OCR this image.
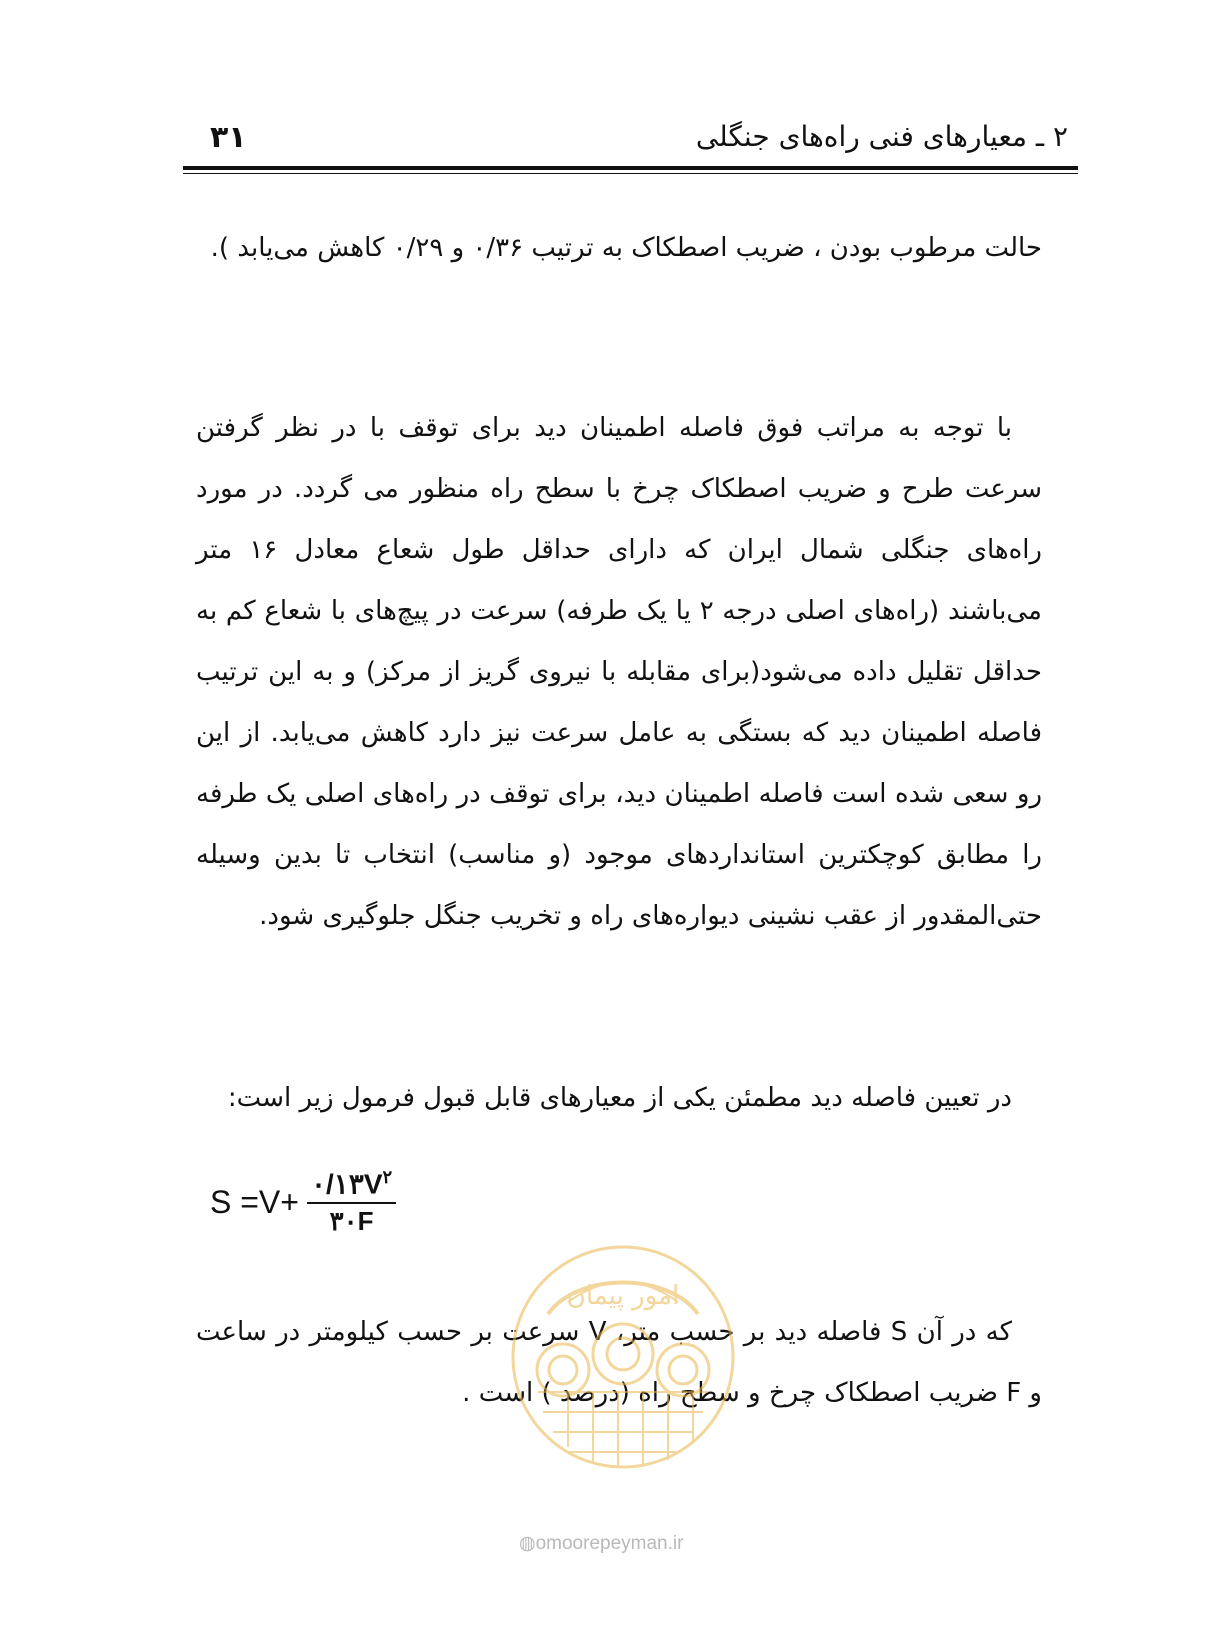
۳۱	۲ ـ معیارهای فنی راه‌های جنگلی

حالت مرطوب بودن ، ضریب اصطکاک به ترتیب ۰/۳۶ و ۰/۲۹ کاهش می‌یابد ).

با توجه به مراتب فوق فاصله اطمینان دید برای توقف با در نظر گرفتن سرعت طرح و ضریب اصطکاک چرخ با سطح راه منظور می گردد. در مورد راه‌های جنگلی شمال ایران که دارای حداقل طول شعاع معادل ۱۶ متر می‌باشند (راه‌های اصلی درجه ۲ یا یک طرفه) سرعت در پیچ‌های با شعاع کم به حداقل تقلیل داده می‌شود(برای مقابله با نیروی گریز از مرکز) و به این ترتیب فاصله اطمینان دید که بستگی به عامل سرعت نیز دارد کاهش می‌یابد. از این رو سعی شده است فاصله اطمینان دید، برای توقف در راه‌های اصلی یک طرفه را مطابق کوچکترین استانداردهای موجود (و مناسب) انتخاب تا بدین وسیله حتی‌المقدور از عقب نشینی دیواره‌های راه و تخریب جنگل جلوگیری شود.

در تعیین فاصله دید مطمئن یکی از معیارهای قابل قبول فرمول زیر است:

$S =V+ \frac{۰/۱۳V^۲}{۳۰F}$

که در آن S فاصله دید بر حسب متر، V سرعت بر حسب کیلومتر در ساعت و F ضریب اصطکاک چرخ و سطح راه (درصد ) است .

امور پیمان
◍omoorepeyman.ir
